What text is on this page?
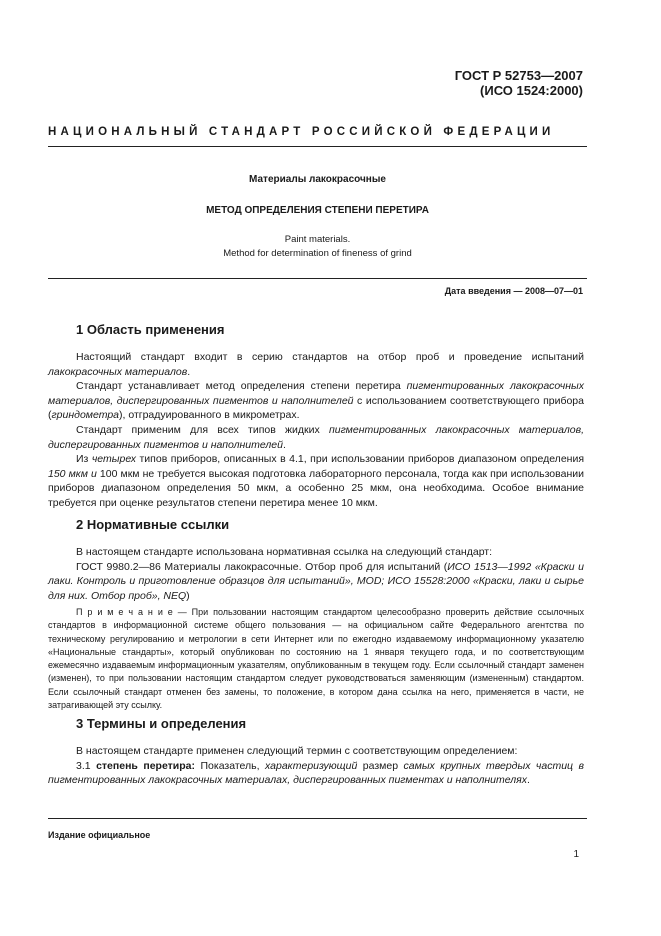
ГОСТ Р 52753—2007
(ИСО 1524:2000)
НАЦИОНАЛЬНЫЙ СТАНДАРТ РОССИЙСКОЙ ФЕДЕРАЦИИ
Материалы лакокрасочные
МЕТОД ОПРЕДЕЛЕНИЯ СТЕПЕНИ ПЕРЕТИРА
Paint materials.
Method for determination of fineness of grind
Дата введения — 2008—07—01
1 Область применения
Настоящий стандарт входит в серию стандартов на отбор проб и проведение испытаний лакокрасочных материалов.
Стандарт устанавливает метод определения степени перетира пигментированных лакокрасочных материалов, диспергированных пигментов и наполнителей с использованием соответствующего прибора (гриндометра), отградуированного в микрометрах.
Стандарт применим для всех типов жидких пигментированных лакокрасочных материалов, диспергированных пигментов и наполнителей.
Из четырех типов приборов, описанных в 4.1, при использовании приборов диапазоном определения 150 мкм и 100 мкм не требуется высокая подготовка лабораторного персонала, тогда как при использовании приборов диапазоном определения 50 мкм, а особенно 25 мкм, она необходима. Особое внимание требуется при оценке результатов степени перетира менее 10 мкм.
2 Нормативные ссылки
В настоящем стандарте использована нормативная ссылка на следующий стандарт:
ГОСТ 9980.2—86 Материалы лакокрасочные. Отбор проб для испытаний (ИСО 1513—1992 «Краски и лаки. Контроль и приготовление образцов для испытаний», MOD; ИСО 15528:2000 «Краски, лаки и сырье для них. Отбор проб», NEQ)
П р и м е ч а н и е — При пользовании настоящим стандартом целесообразно проверить действие ссылочных стандартов в информационной системе общего пользования — на официальном сайте Федерального агентства по техническому регулированию и метрологии в сети Интернет или по ежегодно издаваемому информационному указателю «Национальные стандарты», который опубликован по состоянию на 1 января текущего года, и по соответствующим ежемесячно издаваемым информационным указателям, опубликованным в текущем году. Если ссылочный стандарт заменен (изменен), то при пользовании настоящим стандартом следует руководствоваться заменяющим (измененным) стандартом. Если ссылочный стандарт отменен без замены, то положение, в котором дана ссылка на него, применяется в части, не затрагивающей эту ссылку.
3 Термины и определения
В настоящем стандарте применен следующий термин с соответствующим определением:
3.1 степень перетира: Показатель, характеризующий размер самых крупных твердых частиц в пигментированных лакокрасочных материалах, диспергированных пигментах и наполнителях.
Издание официальное
1
